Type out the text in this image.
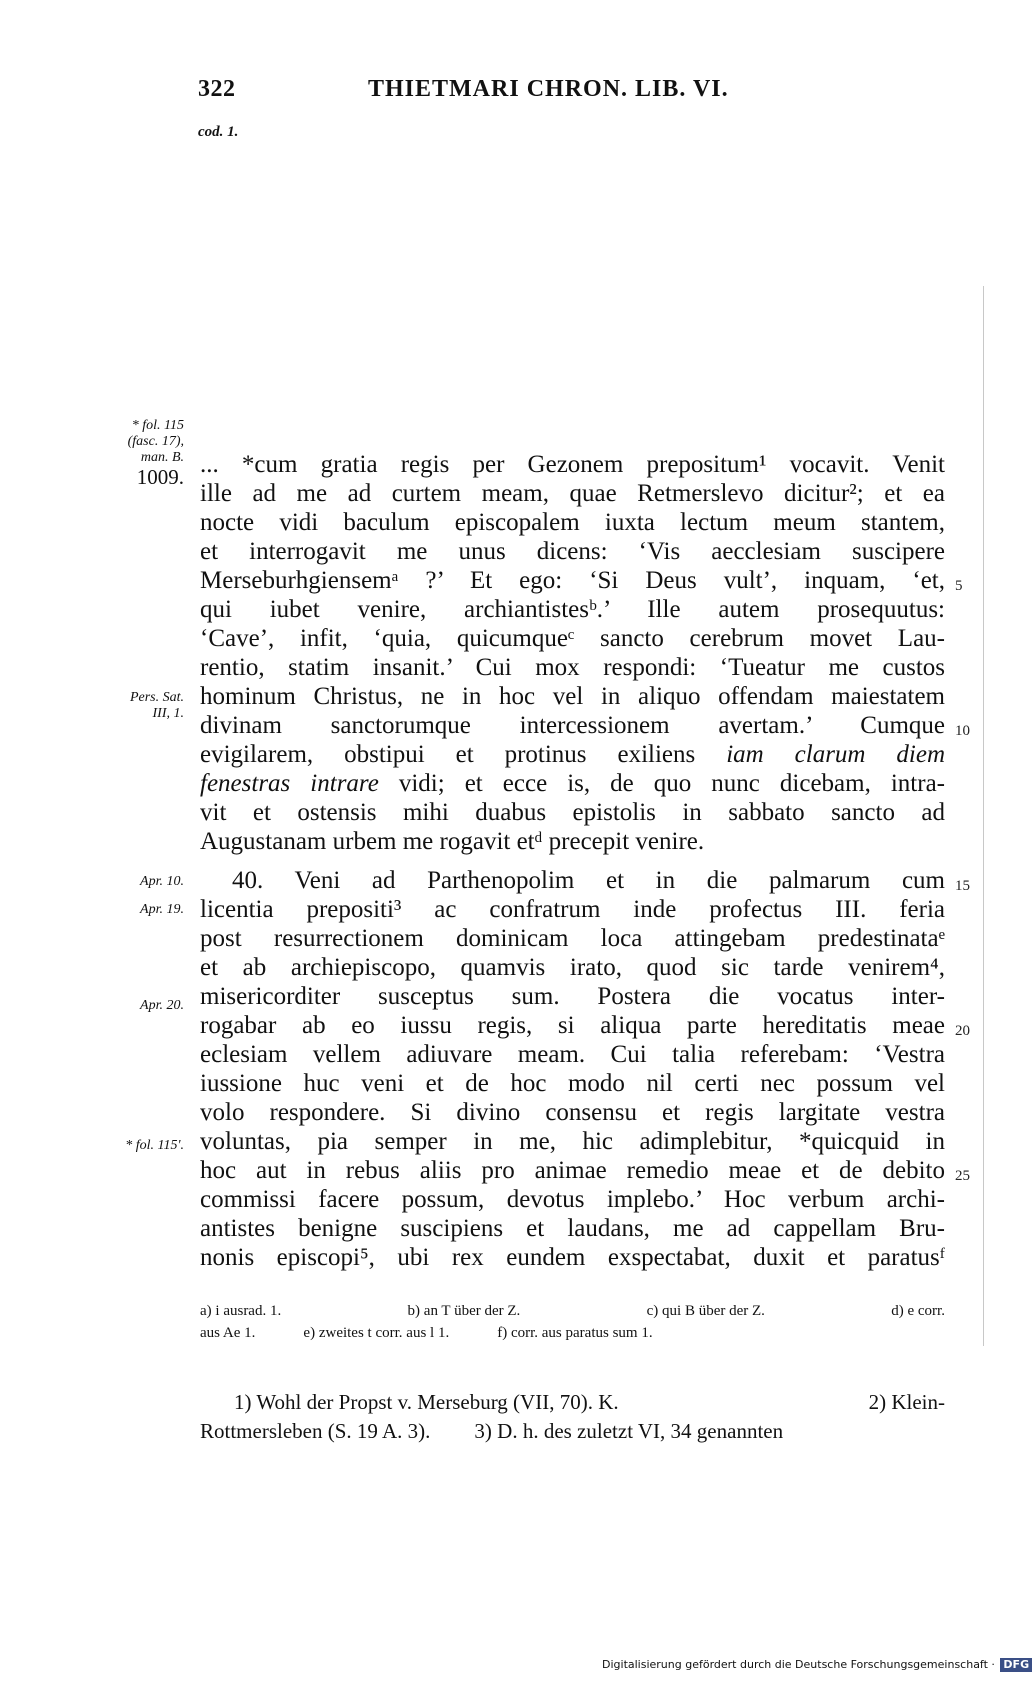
322	THIETMARI CHRON. LIB. VI.
cod. 1.
* fol. 115
(fasc. 17),
man. B.
1009.
Pers. Sat.
III, 1.
Apr. 10.
Apr. 19.
Apr. 20.
* fol. 115'.
... *cum gratia regis per Gezonem prepositum¹ vocavit. Venit
ille ad me ad curtem meam, quae Retmerslevo dicitur²; et ea
nocte vidi baculum episcopalem iuxta lectum meum stantem,
et interrogavit me unus dicens: ‘Vis aecclesiam suscipere
Merseburhgiensemᵃ ?’ Et ego: ‘Si Deus vult’, inquam, ‘et,
qui iubet venire, archiantistesᵇ.’ Ille autem prosequutus:
‘Cave’, infit, ‘quia, quicumqueᶜ sancto cerebrum movet Lau-
rentio, statim insanit.’ Cui mox respondi: ‘Tueatur me custos
hominum Christus, ne in hoc vel in aliquo offendam maiestatem
divinam sanctorumque intercessionem avertam.’ Cumque
evigilarem, obstipui et protinus exiliens iam clarum diem
fenestras intrare vidi; et ecce is, de quo nunc dicebam, intra-
vit et ostensis mihi duabus epistolis in sabbato sancto ad
Augustanam urbem me rogavit etᵈ precepit venire.
40. Veni ad Parthenopolim et in die palmarum cum
licentia prepositi³ ac confratrum inde profectus III. feria
post resurrectionem dominicam loca attingebam predestinataᵉ
et ab archiepiscopo, quamvis irato, quod sic tarde venirem⁴,
misericorditer susceptus sum. Postera die vocatus inter-
rogabar ab eo iussu regis, si aliqua parte hereditatis meae
eclesiam vellem adiuvare meam. Cui talia referebam: ‘Vestra
iussione huc veni et de hoc modo nil certi nec possum vel
volo respondere. Si divino consensu et regis largitate vestra
voluntas, pia semper in me, hic adimplebitur, *quicquid in
hoc aut in rebus aliis pro animae remedio meae et de debito
commissi facere possum, devotus implebo.’ Hoc verbum archi-
antistes benigne suscipiens et laudans, me ad cappellam Bru-
nonis episcopi⁵, ubi rex eundem exspectabat, duxit et paratusᶠ
5
10
15
20
25
a) i ausrad. 1.	b) an T über der Z.	c) qui B über der Z.	d) e corr.
aus Ae 1.	e) zweites t corr. aus l 1.	f) corr. aus paratus sum 1.
1) Wohl der Propst v. Merseburg (VII, 70). K.	2) Klein-
Rottmersleben (S. 19 A. 3). 3) D. h. des zuletzt VI, 34 genannten
Digitalisierung gefördert durch die Deutsche Forschungsgemeinschaft · DFG
